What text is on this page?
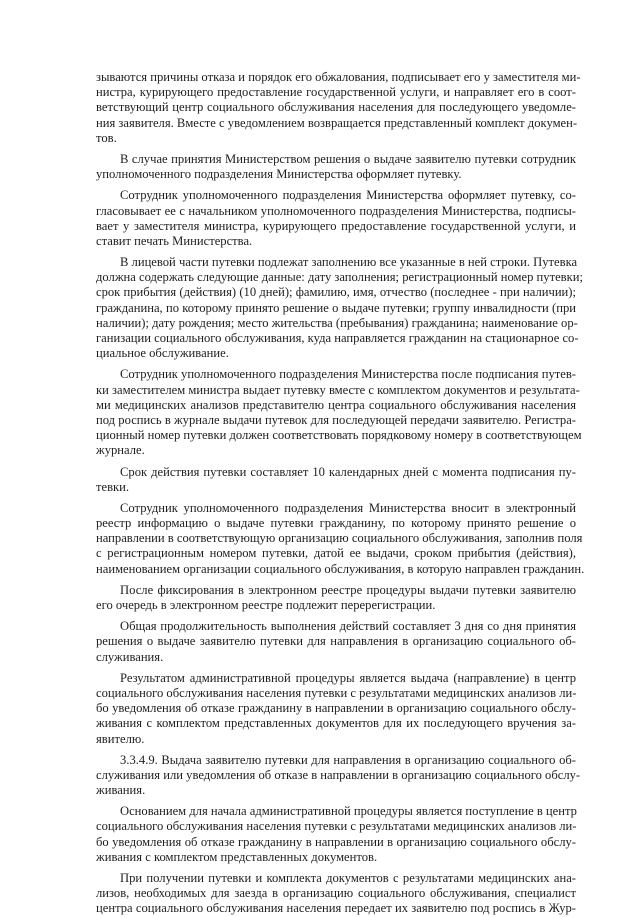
зываются причины отказа и порядок его обжалования, подписывает его у заместителя ми-
нистра, курирующего предоставление государственной услуги, и направляет его в соот-
ветствующий центр социального обслуживания населения для последующего уведомле-
ния заявителя. Вместе с уведомлением возвращается представленный комплект докумен-
тов.
В случае принятия Министерством решения о выдаче заявителю путевки сотрудник
уполномоченного подразделения Министерства оформляет путевку.
Сотрудник уполномоченного подразделения Министерства оформляет путевку, со-
гласовывает ее с начальником уполномоченного подразделения Министерства, подписы-
вает у заместителя министра, курирующего предоставление государственной услуги, и
ставит печать Министерства.
В лицевой части путевки подлежат заполнению все указанные в ней строки. Путевка
должна содержать следующие данные: дату заполнения; регистрационный номер путевки;
срок прибытия (действия) (10 дней); фамилию, имя, отчество (последнее - при наличии);
гражданина, по которому принято решение о выдаче путевки; группу инвалидности (при
наличии); дату рождения; место жительства (пребывания) гражданина; наименование ор-
ганизации социального обслуживания, куда направляется гражданин на стационарное со-
циальное обслуживание.
Сотрудник уполномоченного подразделения Министерства после подписания путев-
ки заместителем министра выдает путевку вместе с комплектом документов и результата-
ми медицинских анализов представителю центра социального обслуживания населения
под роспись в журнале выдачи путевок для последующей передачи заявителю. Регистра-
ционный номер путевки должен соответствовать порядковому номеру в соответствующем
журнале.
Срок действия путевки составляет 10 календарных дней с момента подписания пу-
тевки.
Сотрудник уполномоченного подразделения Министерства вносит в электронный
реестр информацию о выдаче путевки гражданину, по которому принято решение о
направлении в соответствующую организацию социального обслуживания, заполнив поля
с регистрационным номером путевки, датой ее выдачи, сроком прибытия (действия),
наименованием организации социального обслуживания, в которую направлен гражданин.
После фиксирования в электронном реестре процедуры выдачи путевки заявителю
его очередь в электронном реестре подлежит перерегистрации.
Общая продолжительность выполнения действий составляет 3 дня со дня принятия
решения о выдаче заявителю путевки для направления в организацию социального об-
служивания.
Результатом административной процедуры является выдача (направление) в центр
социального обслуживания населения путевки с результатами медицинских анализов ли-
бо уведомления об отказе гражданину в направлении в организацию социального обслу-
живания с комплектом представленных документов для их последующего вручения за-
явителю.
3.3.4.9. Выдача заявителю путевки для направления в организацию социального об-
служивания или уведомления об отказе в направлении в организацию социального обслу-
живания.
Основанием для начала административной процедуры является поступление в центр
социального обслуживания населения путевки с результатами медицинских анализов ли-
бо уведомления об отказе гражданину в направлении в организацию социального обслу-
живания с комплектом представленных документов.
При получении путевки и комплекта документов с результатами медицинских ана-
лизов, необходимых для заезда в организацию социального обслуживания, специалист
центра социального обслуживания населения передает их заявителю под роспись в Жур-
